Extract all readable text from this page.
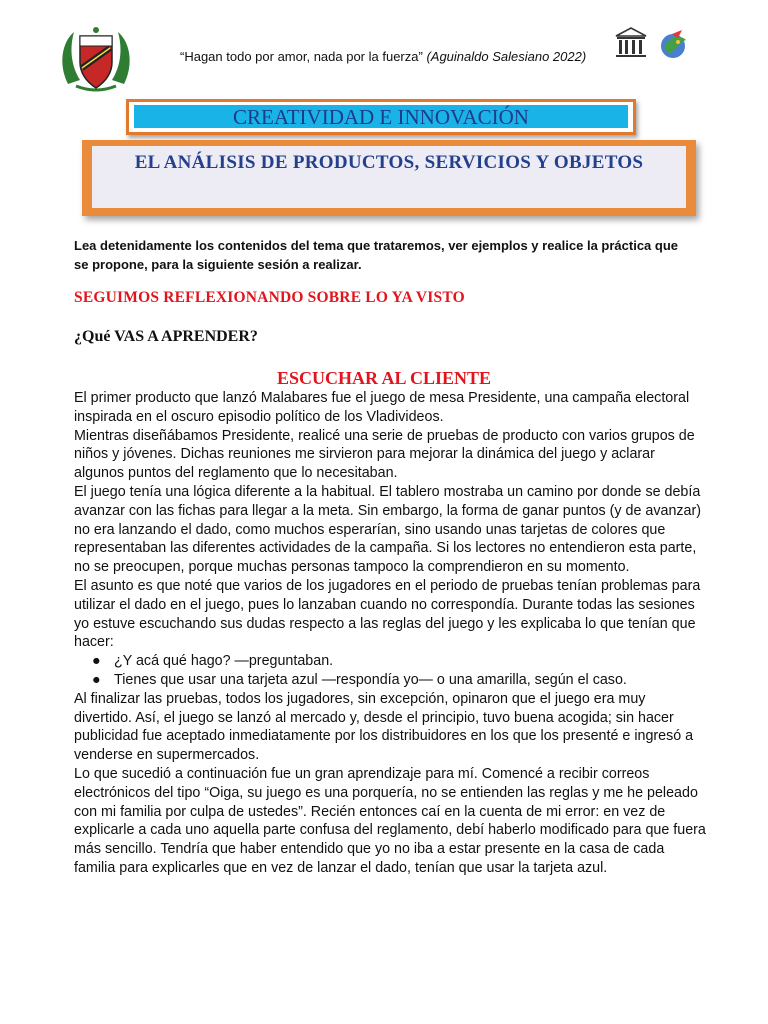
“Hagan todo por amor, nada por la fuerza” (Aguinaldo Salesiano 2022)
CREATIVIDAD E INNOVACIÓN
EL ANÁLISIS DE PRODUCTOS, SERVICIOS Y OBJETOS
Lea detenidamente los contenidos del tema que trataremos, ver ejemplos y realice la práctica que se propone, para la siguiente sesión a realizar.
SEGUIMOS REFLEXIONANDO SOBRE LO YA VISTO
¿Qué VAS A APRENDER?
ESCUCHAR AL CLIENTE

El primer producto que lanzó Malabares fue el juego de mesa Presidente, una campaña electoral inspirada en el oscuro episodio político de los Vladivideos.

Mientras diseñábamos Presidente, realicé una serie de pruebas de producto con varios grupos de niños y jóvenes. Dichas reuniones me sirvieron para mejorar la dinámica del juego y aclarar algunos puntos del reglamento que lo necesitaban.

El juego tenía una lógica diferente a la habitual. El tablero mostraba un camino por donde se debía avanzar con las fichas para llegar a la meta. Sin embargo, la forma de ganar puntos (y de avanzar) no era lanzando el dado, como muchos esperarían, sino usando unas tarjetas de colores que representaban las diferentes actividades de la campaña. Si los lectores no entendieron esta parte, no se preocupen, porque muchas personas tampoco la comprendieron en su momento.

El asunto es que noté que varios de los jugadores en el periodo de pruebas tenían problemas para utilizar el dado en el juego, pues lo lanzaban cuando no correspondía. Durante todas las sesiones yo estuve escuchando sus dudas respecto a las reglas del juego y les explicaba lo que tenían que hacer:

● ¿Y acá qué hago? —preguntaban.
● Tienes que usar una tarjeta azul —respondía yo— o una amarilla, según el caso.

Al finalizar las pruebas, todos los jugadores, sin excepción, opinaron que el juego era muy divertido. Así, el juego se lanzó al mercado y, desde el principio, tuvo buena acogida; sin hacer publicidad fue aceptado inmediatamente por los distribuidores en los que los presenté e ingresó a venderse en supermercados.

Lo que sucedió a continuación fue un gran aprendizaje para mí. Comencé a recibir correos electrónicos del tipo “Oiga, su juego es una porquería, no se entienden las reglas y me he peleado con mi familia por culpa de ustedes”. Recién entonces caí en la cuenta de mi error: en vez de explicarle a cada uno aquella parte confusa del reglamento, debí haberlo modificado para que fuera más sencillo. Tendría que haber entendido que yo no iba a estar presente en la casa de cada familia para explicarles que en vez de lanzar el dado, tenían que usar la tarjeta azul.
